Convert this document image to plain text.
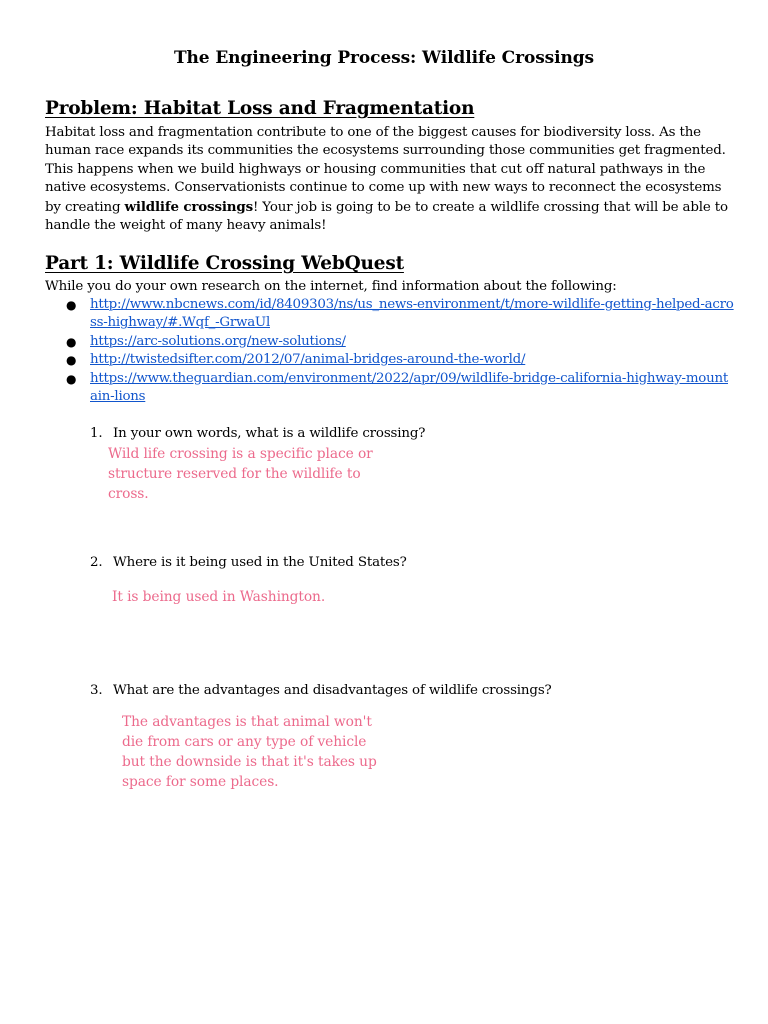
The Engineering Process: Wildlife Crossings
Problem: Habitat Loss and Fragmentation
Habitat loss and fragmentation contribute to one of the biggest causes for biodiversity loss. As the human race expands its communities the ecosystems surrounding those communities get fragmented. This happens when we build highways or housing communities that cut off natural pathways in the native ecosystems. Conservationists continue to come up with new ways to reconnect the ecosystems by creating wildlife crossings! Your job is going to be to create a wildlife crossing that will be able to handle the weight of many heavy animals!
Part 1: Wildlife Crossing WebQuest
While you do your own research on the internet, find information about the following:
● http://www.nbcnews.com/id/8409303/ns/us_news-environment/t/more-wildlife-getting-helped-across-highway/#.Wqf_-GrwaUl
● https://arc-solutions.org/new-solutions/
● http://twistedsifter.com/2012/07/animal-bridges-around-the-world/
● https://www.theguardian.com/environment/2022/apr/09/wildlife-bridge-california-highway-mountain-lions
1. In your own words, what is a wildlife crossing?
Wild life crossing is a specific place or structure reserved for the wildlife to cross.
2. Where is it being used in the United States?
It is being used in Washington.
3. What are the advantages and disadvantages of wildlife crossings?
The advantages is that animal won't die from cars or any type of vehicle but the downside is that it's takes up space for some places.
